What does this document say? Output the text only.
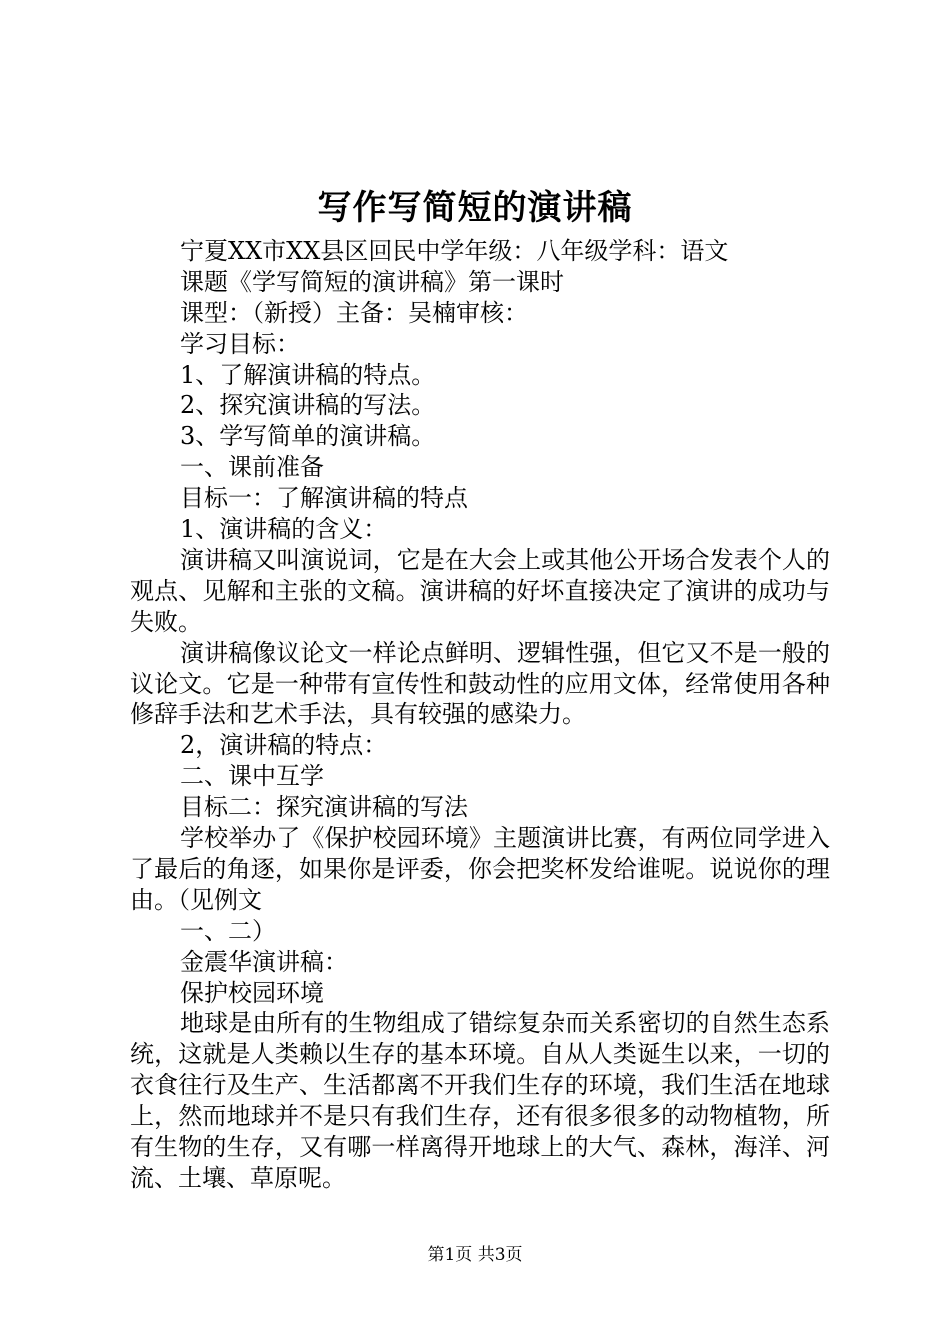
写作写简短的演讲稿
宁夏XX市XX县区回民中学年级：八年级学科：语文
课题《学写简短的演讲稿》第一课时
课型：（新授）主备：吴楠审核：
学习目标：
1、了解演讲稿的特点。
2、探究演讲稿的写法。
3、学写简单的演讲稿。
一、课前准备
目标一：了解演讲稿的特点
1、演讲稿的含义：
演讲稿又叫演说词，它是在大会上或其他公开场合发表个人的观点、见解和主张的文稿。演讲稿的好坏直接决定了演讲的成功与失败。
演讲稿像议论文一样论点鲜明、逻辑性强，但它又不是一般的议论文。它是一种带有宣传性和鼓动性的应用文体，经常使用各种修辞手法和艺术手法，具有较强的感染力。
2，演讲稿的特点：
二、课中互学
目标二：探究演讲稿的写法
学校举办了《保护校园环境》主题演讲比赛，有两位同学进入了最后的角逐，如果你是评委，你会把奖杯发给谁呢。说说你的理由。（见例文
一、二）
金震华演讲稿：
保护校园环境
地球是由所有的生物组成了错综复杂而关系密切的自然生态系统，这就是人类赖以生存的基本环境。自从人类诞生以来，一切的衣食往行及生产、生活都离不开我们生存的环境，我们生活在地球上，然而地球并不是只有我们生存，还有很多很多的动物植物，所有生物的生存，又有哪一样离得开地球上的大气、森林，海洋、河流、土壤、草原呢。
第1页 共3页
